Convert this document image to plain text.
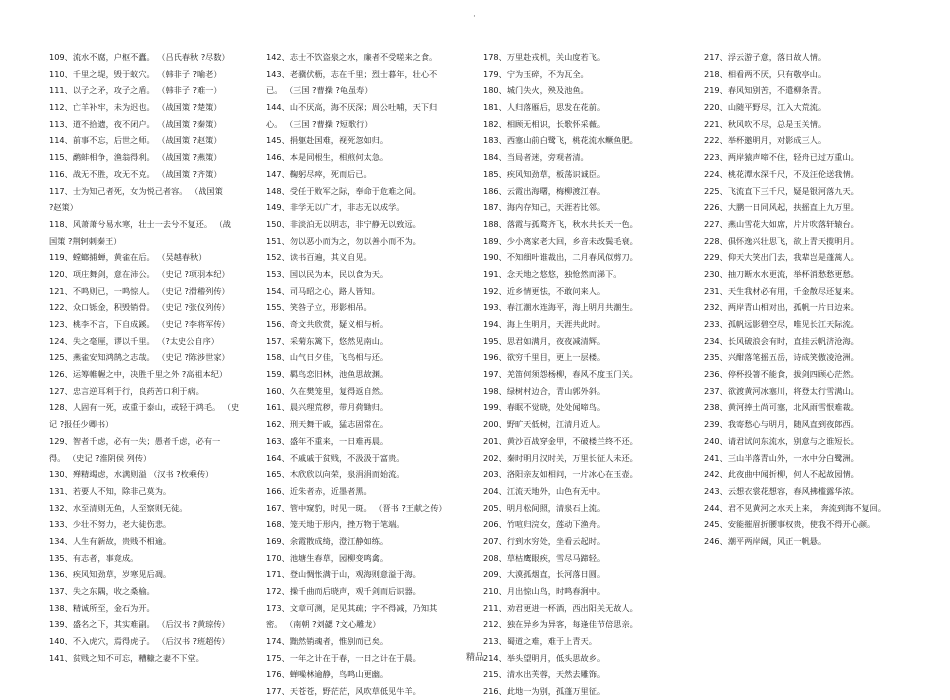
·
109、流水不腐，户枢不蠹。 （吕氏春秋 ?尽数）
110、千里之堤，毁于蚁穴。 （韩非子 ?喻老）
111、以子之矛，攻子之盾。 （韩非子 ?难一）
112、亡羊补牢，未为迟也。 （战国策 ?楚策）
113、道不拾遗，夜不闭户。 （战国策 ?秦策）
114、前事不忘，后世之师。 （战国策 ?赵策）
115、鹬蚌相争，渔翁得利。 （战国策 ?燕策）
116、战无不胜，攻无不克。 （战国策 ?齐策）
117、士为知己者死，女为悦己者容。 （战国策
?赵策）
118、风萧萧兮易水寒，壮士一去兮不复还。 （战
国策 ?荆轲刺秦王）
119、螳螂捕蝉，黄雀在后。 （吴越春秋）
120、项庄舞剑，意在沛公。 （史记 ?项羽本纪）
121、不鸣则已，一鸣惊人。 （史记 ?滑稽列传）
122、众口铄金，积毁销骨。 （史记 ?张仪列传）
123、桃李不言，下自成蹊。 （史记 ?李将军传）
124、失之毫厘，谬以千里。 （?太史公自序）
125、燕雀安知鸿鹄之志哉。 （史记 ?陈涉世家）
126、运筹帷幄之中，决胜千里之外 ?高祖本纪）
127、忠言逆耳利于行，良药苦口利于病。
128、人固有一死，或重于泰山，或轻于鸿毛。 （史
记 ?报任少卿书）
129、智者千虑，必有一失；愚者千虑，必有一
得。 （史记 ?淮阴侯 列传）
130、殚精竭虑，水满则溢 （汉书 ?枚乘传）
131、若要人不知，除非己莫为。
132、水至清则无鱼，人至察则无徒。
133、少壮不努力，老大徒伤悲。
134、人生有新故，贵贱不相逾。
135、有志者，事竟成。
136、疾风知劲草，岁寒见后凋。
137、失之东隅，收之桑榆。
138、精诚所至，金石为开。
139、盛名之下，其实难副。 （后汉书 ?黄琼传）
140、不入虎穴，焉得虎子。 （后汉书 ?班超传）
141、贫贱之知不可忘，糟糠之妻不下堂。
142、志士不饮盗泉之水，廉者不受嗟来之食。
143、老骥伏枥，志在千里；烈士暮年，壮心不
已。 （三国 ?曹操 ?龟虽寿）
144、山不厌高，海不厌深；周公吐哺，天下归
心。 （三国 ?曹操 ?短歌行）
145、捐躯赴国难，视死忽如归。
146、本是同根生，相煎何太急。
147、鞠躬尽瘁，死而后已。
148、受任于败军之际，奉命于危难之间。
149、非学无以广才，非志无以成学。
150、非淡泊无以明志，非宁静无以致远。
151、勿以恶小而为之，勿以善小而不为。
152、读书百遍，其义自见。
153、国以民为本，民以食为天。
154、司马昭之心，路人皆知。
155、笑咎子立，形影相吊。
156、奇文共欣赏，疑义相与析。
157、采菊东篱下，悠然见南山。
158、山气日夕佳，飞鸟相与还。
159、羁鸟恋旧林，池鱼思故渊。
160、久在樊笼里，复得返自然。
161、晨兴理荒秽，带月荷锄归。
162、刑天舞干戚，猛志固常在。
163、盛年不重来，一日难再晨。
164、不戚戚于贫贱，不汲汲于富贵。
165、木欣欣以向荣，泉涓涓而始流。
166、近朱者赤，近墨者黑。
167、管中窥豹，时见一斑。 （晋书 ?王献之传）
168、笼天地于形内，挫万物于笔端。
169、余霞散成绮，澄江静如练。
170、池塘生春草，园柳变鸣禽。
171、登山惆怅满于山，观海则意溢于海。
172、操千曲而后晓声，观千剑而后识器。
173、文章可测，足见其疏；字不得减，乃知其
密。 （南朝 ?刘勰 ?文心雕龙）
174、黜然销魂者，惟别而已矣。
175、一年之计在于春，一日之计在于晨。
176、蝉噪林逾静，鸟鸣山更幽。
177、天苍苍，野茫茫，风吹草低见牛羊。
178、万里赴戎机，关山度若飞。
179、宁为玉碎，不为瓦全。
180、城门失火，殃及池鱼。
181、人归落雁后，思发在花前。
182、相顾无相识，长歌怀采薇。
183、西塞山前白鹭飞，桃花流水鳜鱼肥。
184、当局者迷，旁观者清。
185、疾风知劲草，板荡识诚臣。
186、云霞出海曙，梅柳渡江春。
187、海内存知己，天涯若比邻。
188、落霞与孤鹜齐飞，秋水共长天一色。
189、少小离家老大回，乡音未改鬓毛衰。
190、不知细叶谁裁出，二月春风似剪刀。
191、念天地之悠悠，独怆然而涕下。
192、近乡情更怯，不敢问来人。
193、春江潮水连海平，海上明月共潮生。
194、海上生明月，天涯共此时。
195、思君如满月，夜夜减清辉。
196、欲穷千里目，更上一层楼。
197、羌笛何须怨杨柳，春风不度玉门关。
198、绿树村边合，青山郭外斜。
199、春眠不觉晓，处处闻啼鸟。
200、野旷天低树，江清月近人。
201、黄沙百战穿金甲，不破楼兰终不还。
202、秦时明月汉时关，万里长征人未还。
203、洛阳亲友如相问，一片冰心在玉壶。
204、江流天地外，山色有无中。
205、明月松间照，清泉石上流。
206、竹喧归浣女，莲动下渔舟。
207、行到水穷处，坐看云起时。
208、草枯鹰眼疾，雪尽马蹄轻。
209、大漠孤烟直，长河落日圆。
210、月出惊山鸟，时鸣春涧中。
211、劝君更进一杯酒，西出阳关无故人。
212、独在异乡为异客，每逢佳节倍思亲。
213、蜀道之难，难于上青天。
214、举头望明月，低头思故乡。
215、清水出芙蓉，天然去雕饰。
216、此地一为别，孤蓬万里征。
217、浮云游子意，落日故人情。
218、相看两不厌，只有敬亭山。
219、春风知别苦，不遣柳条青。
220、山随平野尽，江入大荒流。
221、秋风吹不尽，总是玉关情。
222、举杯邀明月，对影成三人。
223、两岸猿声啼不住，轻舟已过万重山。
224、桃花潭水深千尺，不及汪伦送我情。
225、飞流直下三千尺，疑是银河落九天。
226、大鹏一日同风起，扶摇直上九万里。
227、燕山雪花大如席，片片吹落轩辕台。
228、俱怀逸兴壮思飞，欲上青天揽明月。
229、仰天大笑出门去，我辈岂是蓬蒿人。
230、抽刀断水水更流，举杯消愁愁更愁。
231、天生我材必有用，千金散尽还复来。
232、两岸青山相对出，孤帆一片日边来。
233、孤帆远影碧空尽，唯见长江天际流。
234、长风破浪会有时，直挂云帆济沧海。
235、兴酣落笔摇五岳，诗成笑傲凌沧洲。
236、停杯投箸不能食，拔剑四顾心茫然。
237、欲渡黄河冰塞川，将登太行雪满山。
238、黄河捧土尚可塞，北风雨雪恨难裁。
239、我寄愁心与明月，随风直到夜郎西。
240、请君试问东流水，别意与之谁短长。
241、三山半落青山外，一水中分白鹭洲。
242、此夜曲中闻折柳，何人不起故园情。
243、云想衣裳花想容，春风拂槛露华浓。
244、君不见黄河之水天上来， 奔流到海不复回。
245、安能摧眉折腰事权贵，使我不得开心颜。
246、潮平两岸阔，风正一帆悬。
精品
